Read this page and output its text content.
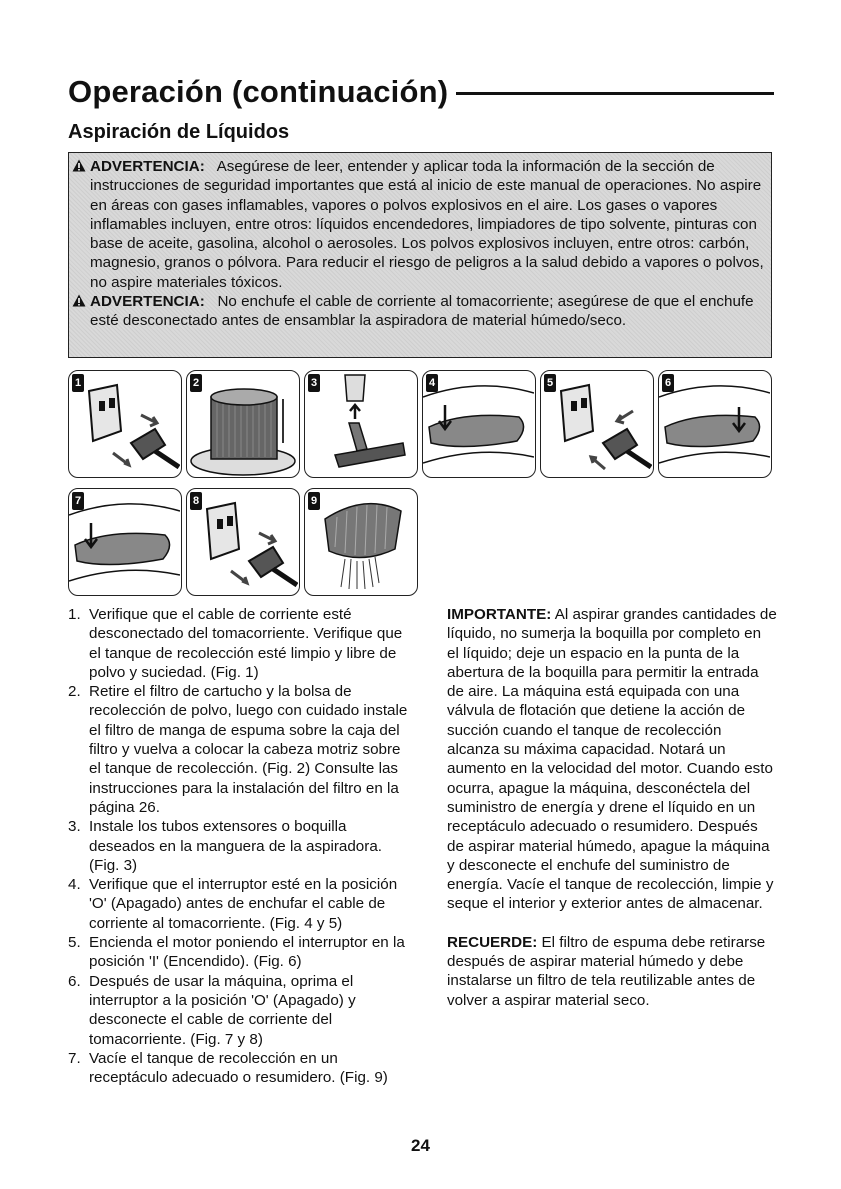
Operación (continuación)
Aspiración de Líquidos
ADVERTENCIA: Asegúrese de leer, entender y aplicar toda la información de la sección de instrucciones de seguridad importantes que está al inicio de este manual de operaciones. No aspire en áreas con gases inflamables, vapores o polvos explosivos en el aire. Los gases o vapores inflamables incluyen, entre otros: líquidos encendedores, limpiadores de tipo solvente, pinturas con base de aceite, gasolina, alcohol o aerosoles. Los polvos explosivos incluyen, entre otros: carbón, magnesio, granos o pólvora. Para reducir el riesgo de peligros a la salud debido a vapores o polvos, no aspire materiales tóxicos.
ADVERTENCIA: No enchufe el cable de corriente al tomacorriente; asegúrese de que el enchufe esté desconectado antes de ensamblar la aspiradora de material húmedo/seco.
1	2	3	4	5	6
7	8	9
1. Verifique que el cable de corriente esté desconectado del tomacorriente. Verifique que el tanque de recolección esté limpio y libre de polvo y suciedad. (Fig. 1)
2. Retire el filtro de cartucho y la bolsa de recolección de polvo, luego con cuidado instale el filtro de manga de espuma sobre la caja del filtro y vuelva a colocar la cabeza motriz sobre el tanque de recolección. (Fig. 2) Consulte las instrucciones para la instalación del filtro en la página 26.
3. Instale los tubos extensores o boquilla deseados en la manguera de la aspiradora. (Fig. 3)
4. Verifique que el interruptor esté en la posición 'O' (Apagado) antes de enchufar el cable de corriente al tomacorriente. (Fig. 4 y 5)
5. Encienda el motor poniendo el interruptor en la posición 'I' (Encendido). (Fig. 6)
6. Después de usar la máquina, oprima el interruptor a la posición 'O' (Apagado) y desconecte el cable de corriente del tomacorriente. (Fig. 7 y 8)
7. Vacíe el tanque de recolección en un receptáculo adecuado o resumidero. (Fig. 9)

IMPORTANTE: Al aspirar grandes cantidades de líquido, no sumerja la boquilla por completo en el líquido; deje un espacio en la punta de la abertura de la boquilla para permitir la entrada de aire. La máquina está equipada con una válvula de flotación que detiene la acción de succión cuando el tanque de recolección alcanza su máxima capacidad. Notará un aumento en la velocidad del motor. Cuando esto ocurra, apague la máquina, desconéctela del suministro de energía y drene el líquido en un receptáculo adecuado o resumidero. Después de aspirar material húmedo, apague la máquina y desconecte el enchufe del suministro de energía. Vacíe el tanque de recolección, limpie y seque el interior y exterior antes de almacenar.

RECUERDE: El filtro de espuma debe retirarse después de aspirar material húmedo y debe instalarse un filtro de tela reutilizable antes de volver a aspirar material seco.

24
